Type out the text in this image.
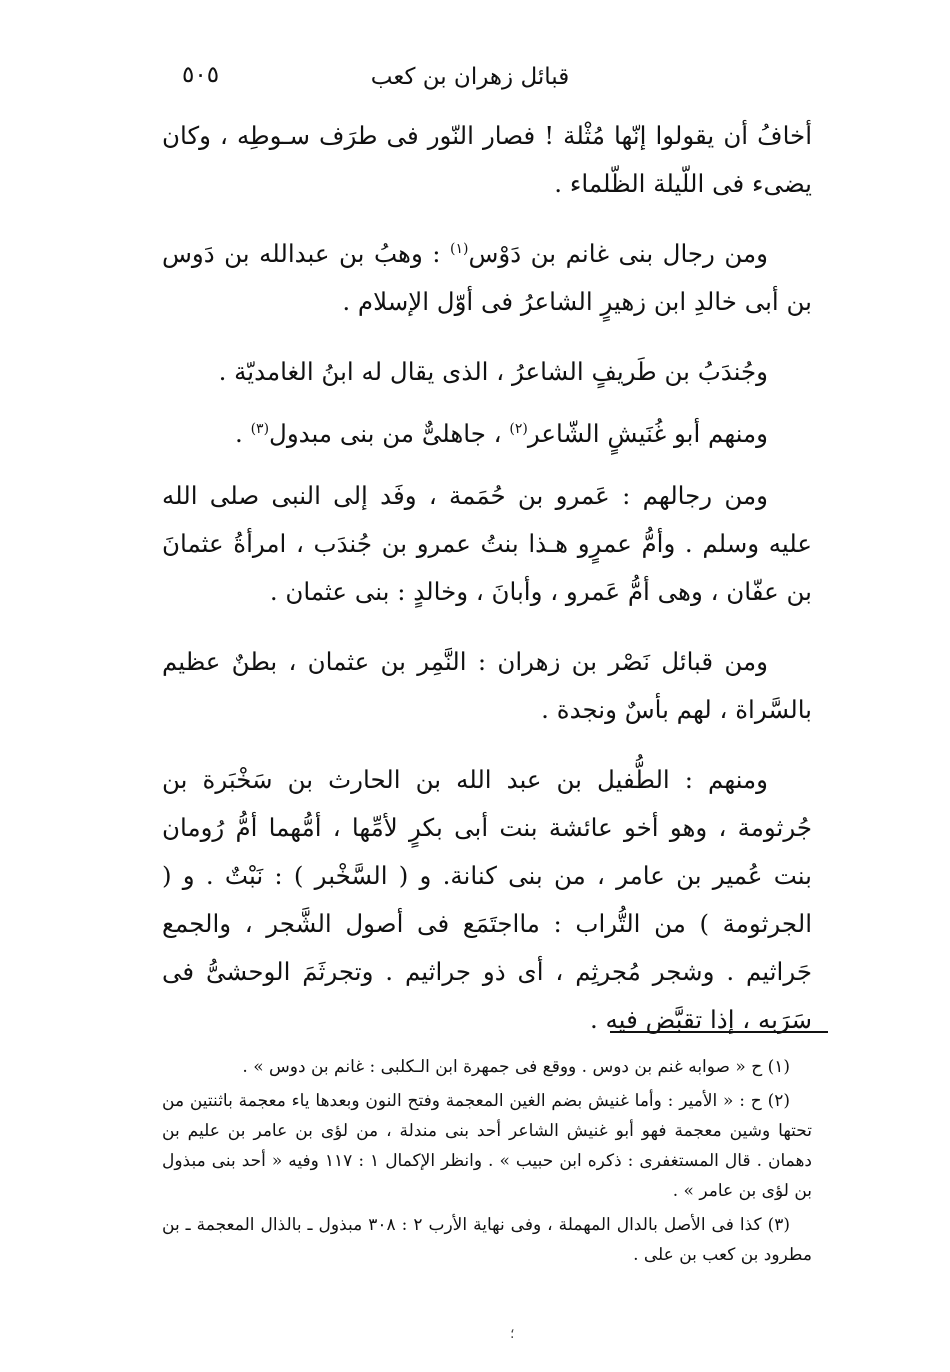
قبائل زهران بن كعب
٥٠٥

أخافُ أن يقولوا إنّها مُثْلة ! فصار النّور فى طرَف سـوطِه ، وكان يضىء فى اللّيلة الظّلماء .

ومن رجال بنى غانم بن دَوْس$^{(١)}$ : وهبُ بن عبدالله بن دَوس بن أبى خالدِ ابن زهيرٍ الشاعرُ فى أوّل الإسلام .

وجُندَبُ بن طَريفٍ الشاعرُ ، الذى يقال له ابنُ الغامديّة .

ومنهم أبو غُنَيشٍ الشّاعر$^{(٢)}$ ، جاهلىٌّ من بنى مبدول$^{(٣)}$ .

ومن رجالهم : عَمرو بن حُمَمة ، وفَد إلى النبى صلى الله عليه وسلم . وأمُّ عمرٍو هـذا بنتُ عمرو بن جُندَب ، امرأةُ عثمانَ بن عفّان ، وهى أمُّ عَمرو ، وأبانَ ، وخالدٍ : بنى عثمان .

ومن قبائل نَصْر بن زهران : النَّمِر بن عثمان ، بطنٌ عظيم بالسَّراة ، لهم بأسٌ ونجدة .

ومنهم : الطُّفيل بن عبد الله بن الحارث بن سَخْبَرة بن جُرثومة ، وهو أخو عائشة بنت أبى بكرٍ لأمِّها ، أمُّهما أمُّ رُومان بنت عُمير بن عامر ، من بنى كنانة. و ( السَّخْبر ) : نَبْتٌ . و ( الجرثومة ) من التُّراب : مااجتَمَع فى أصول الشَّجر ، والجمع جَراثيم . وشجر مُجرثِم ، أى ذو جراثيم . وتجرثَمَ الوحشىُّ فى سَرَبه ، إذا تقبَّض فيه .

(١) ح « صوابه غنم بن دوس . ووقع فى جمهرة ابن الـكلبى : غانم بن دوس » .

(٢) ح : « الأمير : وأما غنيش بضم الغين المعجمة وفتح النون وبعدها ياء معجمة باثنتين من تحتها وشين معجمة فهو أبو غنيش الشاعر أحد بنى مندلة ، من لؤى بن عامر بن عليم بن دهمان . قال المستغفرى : ذكره ابن حبيب » . وانظر الإكمال ١ : ١١٧ وفيه « أحد بنى مبذول بن لؤى بن عامر » .

(٣) كذا فى الأصل بالدال المهملة ، وفى نهاية الأرب ٢ : ٣٠٨ مبذول ـ بالذال المعجمة ـ بن مطرود بن كعب بن على .

؛
